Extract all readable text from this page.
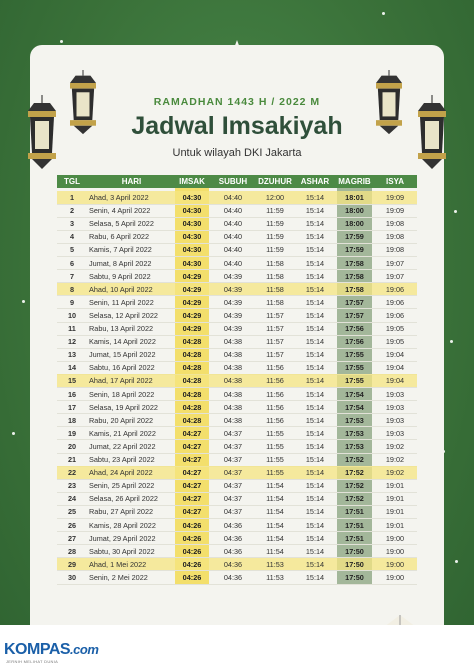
RAMADHAN 1443 H / 2022 M
Jadwal Imsakiyah
Untuk wilayah DKI Jakarta
TGL	HARI	IMSAK	SUBUH	DZUHUR	ASHAR	MAGRIB	ISYA
1	Ahad, 3 April 2022	04:30	04:40	12:00	15:14	18:01	19:09
2	Senin, 4 April 2022	04:30	04:40	11:59	15:14	18:00	19:09
3	Selasa, 5 April 2022	04:30	04:40	11:59	15:14	18:00	19:08
4	Rabu, 6 April 2022	04:30	04:40	11:59	15:14	17:59	19:08
5	Kamis, 7 April 2022	04:30	04:40	11:59	15:14	17:59	19:08
6	Jumat, 8 April 2022	04:30	04:40	11:58	15:14	17:58	19:07
7	Sabtu, 9 April 2022	04:29	04:39	11:58	15:14	17:58	19:07
8	Ahad, 10 April 2022	04:29	04:39	11:58	15:14	17:58	19:06
9	Senin, 11 April 2022	04:29	04:39	11:58	15:14	17:57	19:06
10	Selasa, 12 April 2022	04:29	04:39	11:57	15:14	17:57	19:06
11	Rabu, 13 April 2022	04:29	04:39	11:57	15:14	17:56	19:05
12	Kamis, 14 April 2022	04:28	04:38	11:57	15:14	17:56	19:05
13	Jumat, 15 April 2022	04:28	04:38	11:57	15:14	17:55	19:04
14	Sabtu, 16 April 2022	04:28	04:38	11:56	15:14	17:55	19:04
15	Ahad, 17 April 2022	04:28	04:38	11:56	15:14	17:55	19:04
16	Senin, 18 April 2022	04:28	04:38	11:56	15:14	17:54	19:03
17	Selasa, 19 April 2022	04:28	04:38	11:56	15:14	17:54	19:03
18	Rabu, 20 April 2022	04:28	04:38	11:56	15:14	17:53	19:03
19	Kamis, 21 April 2022	04:27	04:37	11:55	15:14	17:53	19:03
20	Jumat, 22 April 2022	04:27	04:37	11:55	15:14	17:53	19:02
21	Sabtu, 23 April 2022	04:27	04:37	11:55	15:14	17:52	19:02
22	Ahad, 24 April 2022	04:27	04:37	11:55	15:14	17:52	19:02
23	Senin, 25 April 2022	04:27	04:37	11:54	15:14	17:52	19:01
24	Selasa, 26 April 2022	04:27	04:37	11:54	15:14	17:52	19:01
25	Rabu, 27 April 2022	04:27	04:37	11:54	15:14	17:51	19:01
26	Kamis, 28 April 2022	04:26	04:36	11:54	15:14	17:51	19:01
27	Jumat, 29 April 2022	04:26	04:36	11:54	15:14	17:51	19:00
28	Sabtu, 30 April 2022	04:26	04:36	11:54	15:14	17:50	19:00
29	Ahad, 1 Mei 2022	04:26	04:36	11:53	15:14	17:50	19:00
30	Senin, 2 Mei 2022	04:26	04:36	11:53	15:14	17:50	19:00
KOMPAS.com
JERNIH MELIHAT DUNIA
